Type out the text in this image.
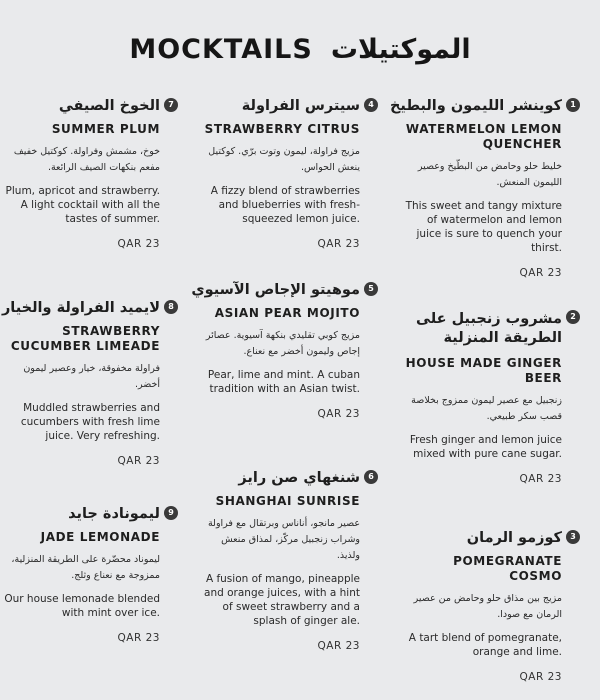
MOCKTAILS الموكتيلات
1
كوينشر الليمون والبطيخ
WATERMELON LEMON QUENCHER
خليط حلو وحامض من البطّيخ وعصير الليمون المنعش.
This sweet and tangy mixture of watermelon and lemon juice is sure to quench your thirst.
QAR 23
2
مشروب زنجبيل على الطريقة المنزلية
HOUSE MADE GINGER BEER
زنجبيل مع عصير ليمون ممزوج بخلاصة قصب سكر طبيعي.
Fresh ginger and lemon juice mixed with pure cane sugar.
QAR 23
3
كوزمو الرمان
POMEGRANATE COSMO
مزيج بين مذاق حلو وحامض من عصير الرمان مع صودا.
A tart blend of pomegranate, orange and lime.
QAR 23
4
سيترس الفراولة
STRAWBERRY CITRUS
مزيج فراولة، ليمون وتوت برّي. كوكتيل ينعش الحواس.
A fizzy blend of strawberries and blueberries with fresh-squeezed lemon juice.
QAR 23
5
موهيتو الإجاص الآسيوي
ASIAN PEAR MOJITO
مزيج كوبي تقليدي بنكهة آسيوية. عصائر إجاص وليمون أخضر مع نعناع.
Pear, lime and mint. A cuban tradition with an Asian twist.
QAR 23
6
شنغهاي صن رايز
SHANGHAI SUNRISE
عصير مانجو، أناناس وبرتقال مع فراولة وشراب زنجبيل مركّز، لمذاق منعش ولذيذ.
A fusion of mango, pineapple and orange juices, with a hint of sweet strawberry and a splash of ginger ale.
QAR 23
7
الخوخ الصيفي
SUMMER PLUM
خوخ، مشمش وفراولة. كوكتيل خفيف مفعم بنكهات الصيف الرائعة.
Plum, apricot and strawberry. A light cocktail with all the tastes of summer.
QAR 23
8
لايميد الفراولة والخيار
STRAWBERRY CUCUMBER LIMEADE
فراولة مخفوقة، خيار وعصير ليمون أخضر.
Muddled strawberries and cucumbers with fresh lime juice. Very refreshing.
QAR 23
9
ليمونادة جايد
JADE LEMONADE
ليموناد محضّرة على الطريقة المنزلية، ممزوجة مع نعناع وثلج.
Our house lemonade blended with mint over ice.
QAR 23
